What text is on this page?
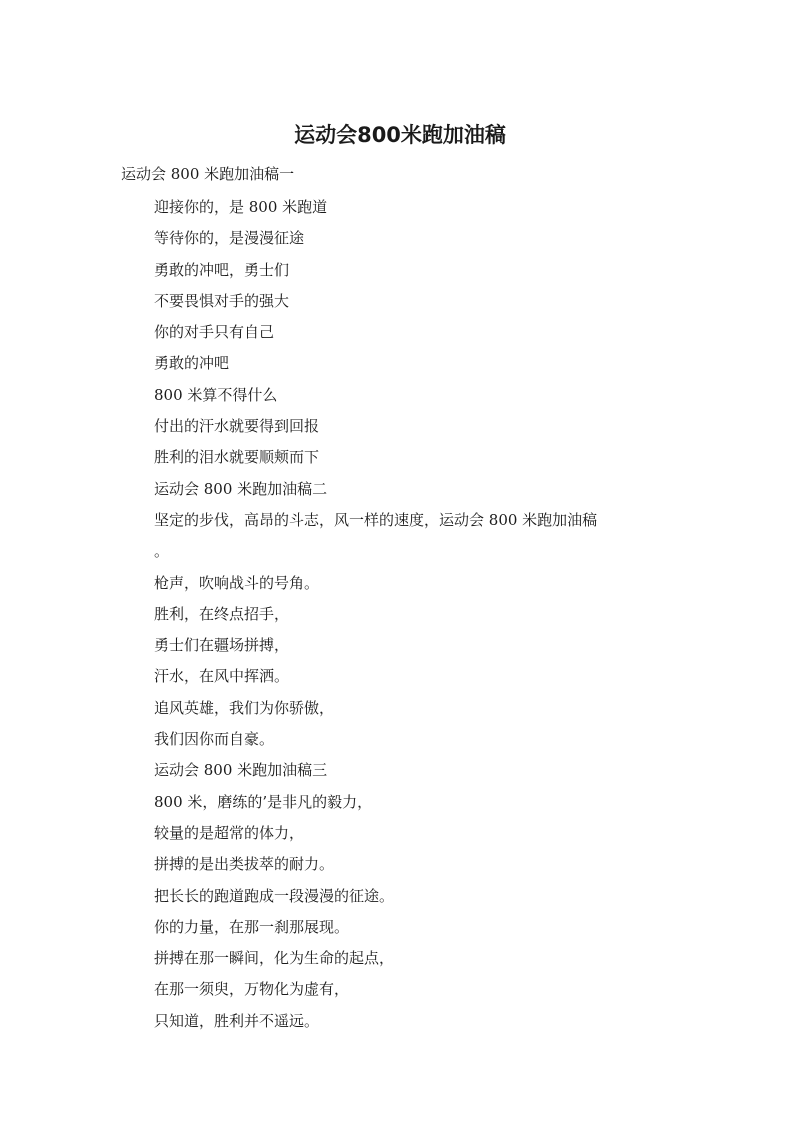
运动会800米跑加油稿

运动会 800 米跑加油稿一

迎接你的，是 800 米跑道
等待你的，是漫漫征途
勇敢的冲吧，勇士们
不要畏惧对手的强大
你的对手只有自己
勇敢的冲吧
800 米算不得什么
付出的汗水就要得到回报
胜利的泪水就要顺颊而下
运动会 800 米跑加油稿二
坚定的步伐，高昂的斗志，风一样的速度，运动会 800 米跑加油稿
。
枪声，吹响战斗的号角。
胜利，在终点招手，
勇士们在疆场拼搏，
汗水，在风中挥洒。
追风英雄，我们为你骄傲，
我们因你而自豪。
运动会 800 米跑加油稿三
800 米，磨练的’是非凡的毅力，
较量的是超常的体力，
拼搏的是出类拔萃的耐力。
把长长的跑道跑成一段漫漫的征途。
你的力量，在那一刹那展现。
拼搏在那一瞬间，化为生命的起点，
在那一须臾，万物化为虚有，
只知道，胜利并不遥远。
